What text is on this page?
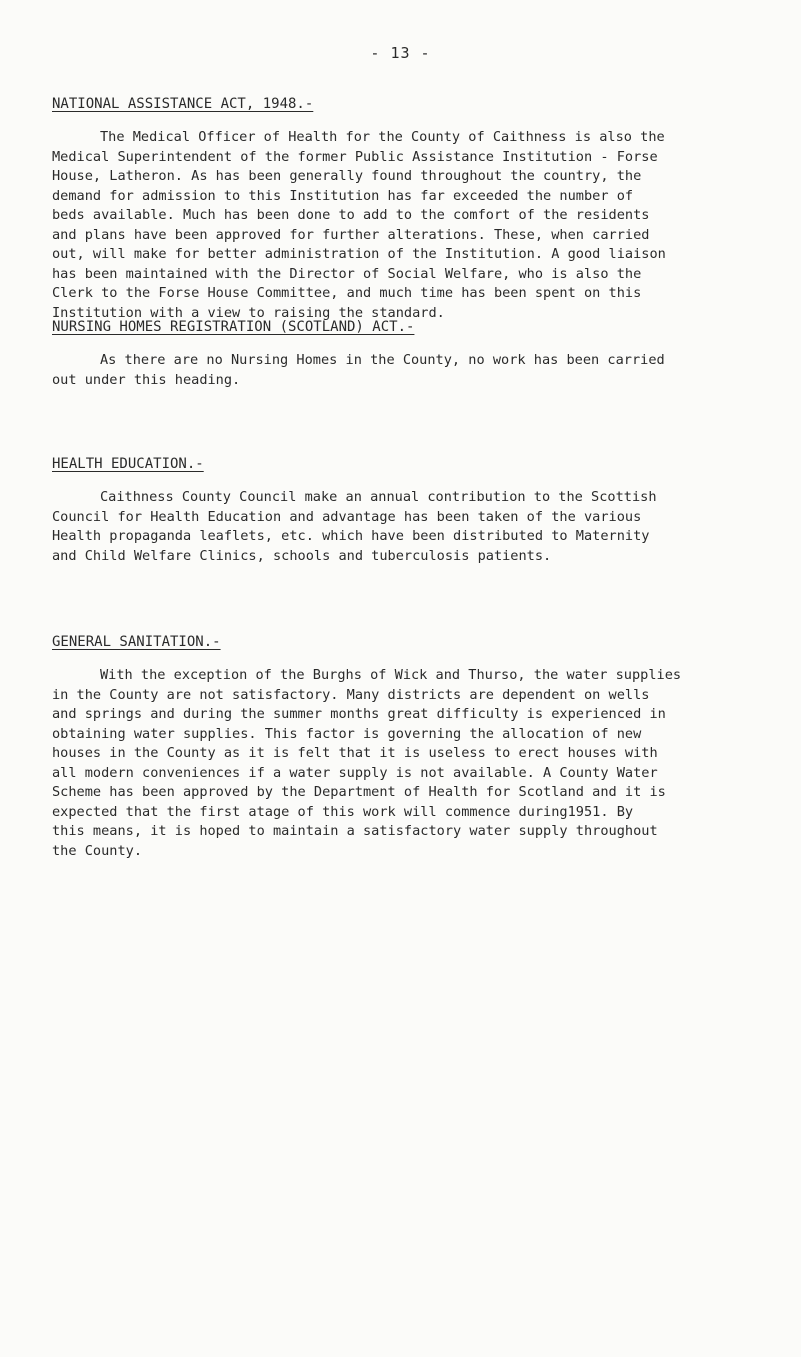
- 13 -
NATIONAL ASSISTANCE ACT, 1948.-
The Medical Officer of Health for the County of Caithness is also the
Medical Superintendent of the former Public Assistance Institution - Forse
House, Latheron. As has been generally found throughout the country, the
demand for admission to this Institution has far exceeded the number of
beds available. Much has been done to add to the comfort of the residents
and plans have been approved for further alterations. These, when carried
out, will make for better administration of the Institution. A good liaison
has been maintained with the Director of Social Welfare, who is also the
Clerk to the Forse House Committee, and much time has been spent on this
Institution with a view to raising the standard.
NURSING HOMES REGISTRATION (SCOTLAND) ACT.-
As there are no Nursing Homes in the County, no work has been carried
out under this heading.
HEALTH EDUCATION.-
Caithness County Council make an annual contribution to the Scottish
Council for Health Education and advantage has been taken of the various
Health propaganda leaflets, etc. which have been distributed to Maternity
and Child Welfare Clinics, schools and tuberculosis patients.
GENERAL SANITATION.-
With the exception of the Burghs of Wick and Thurso, the water supplies
in the County are not satisfactory. Many districts are dependent on wells
and springs and during the summer months great difficulty is experienced in
obtaining water supplies. This factor is governing the allocation of new
houses in the County as it is felt that it is useless to erect houses with
all modern conveniences if a water supply is not available. A County Water
Scheme has been approved by the Department of Health for Scotland and it is
expected that the first atage of this work will commence during1951. By
this means, it is hoped to maintain a satisfactory water supply throughout
the County.
